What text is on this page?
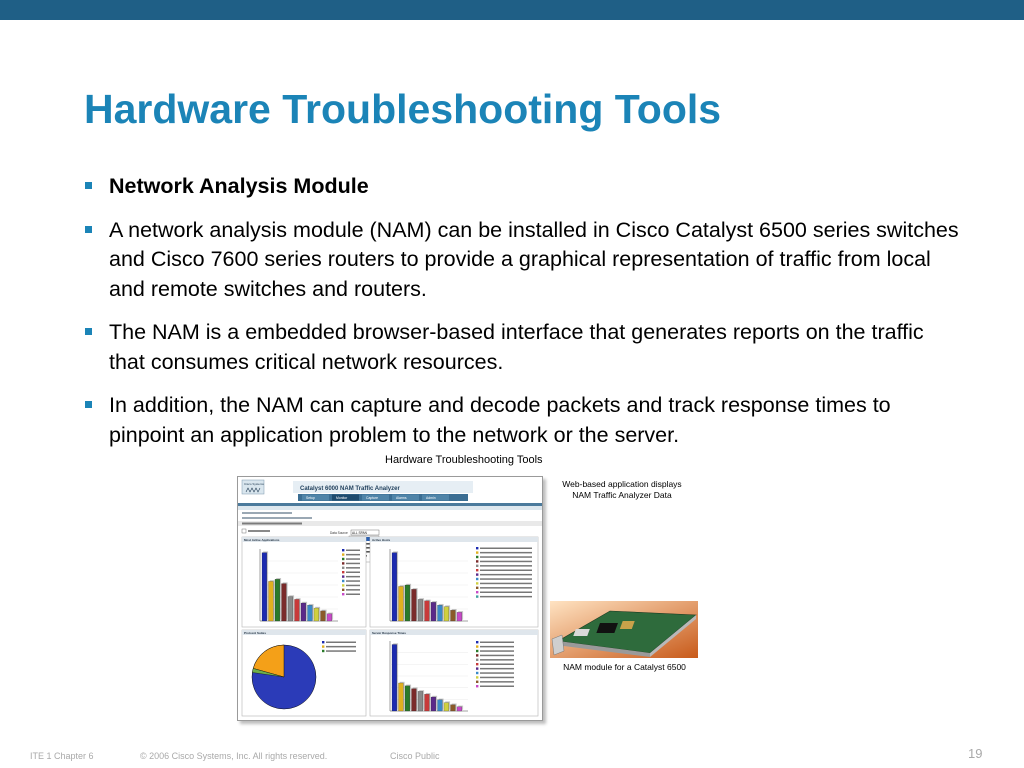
Hardware Troubleshooting Tools
Network Analysis Module
A network analysis module (NAM) can be installed in Cisco Catalyst 6500 series switches and Cisco 7600 series routers to provide a graphical representation of traffic from local and remote switches and routers.
The NAM is a embedded browser-based interface that generates reports on the traffic that consumes critical network resources.
In addition, the NAM can capture and decode packets and track response times to pinpoint an application problem to the network or the server.
Hardware Troubleshooting Tools
Cisco Systems
Catalyst 6000 NAM Traffic Analyzer
Setup	Monitor	Capture	Alarms	Admin
Data Source ALL SPAN
Most Active Applications	Active Hosts
Protocol Suites	Server Response Times
Web-based application displays NAM Traffic Analyzer Data
NAM module for a Catalyst 6500
ITE 1 Chapter 6	© 2006 Cisco Systems, Inc. All rights reserved.	Cisco Public	19
